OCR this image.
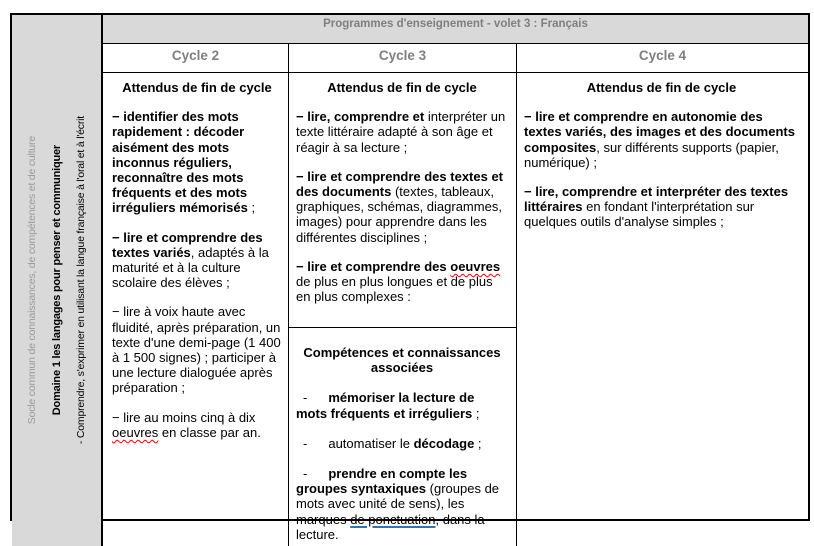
Socle commun de connaissances, de compétences et de culture Domaine 1 les langages pour penser et communiquer - Comprendre, s'exprimer en utilisant la langue française à l'oral et à l'écrit
Programmes d'enseignement - volet 3 : Français
Cycle 2	Cycle 3	Cycle 4
Attendus de fin de cycle

− identifier des mots rapidement : décoder aisément des mots inconnus réguliers, reconnaître des mots fréquents et des mots irréguliers mémorisés ;

− lire et comprendre des textes variés, adaptés à la maturité et à la culture scolaire des élèves ;

− lire à voix haute avec fluidité, après préparation, un texte d'une demi-page (1 400 à 1 500 signes) ; participer à une lecture dialoguée après préparation ;

− lire au moins cinq à dix oeuvres en classe par an.

Attendus de fin de cycle

− lire, comprendre et interpréter un texte littéraire adapté à son âge et réagir à sa lecture ;

− lire et comprendre des textes et des documents (textes, tableaux, graphiques, schémas, diagrammes, images) pour apprendre dans les différentes disciplines ;

− lire et comprendre des oeuvres de plus en plus longues et de plus en plus complexes :

Compétences et connaissances associées

- mémoriser la lecture de mots fréquents et irréguliers ;

- automatiser le décodage ;

- prendre en compte les groupes syntaxiques (groupes de mots avec unité de sens), les marques de ponctuation, dans la lecture.

Attendus de fin de cycle

− lire et comprendre en autonomie des textes variés, des images et des documents composites, sur différents supports (papier, numérique) ;

− lire, comprendre et interpréter des textes littéraires en fondant l'interprétation sur quelques outils d'analyse simples ;
